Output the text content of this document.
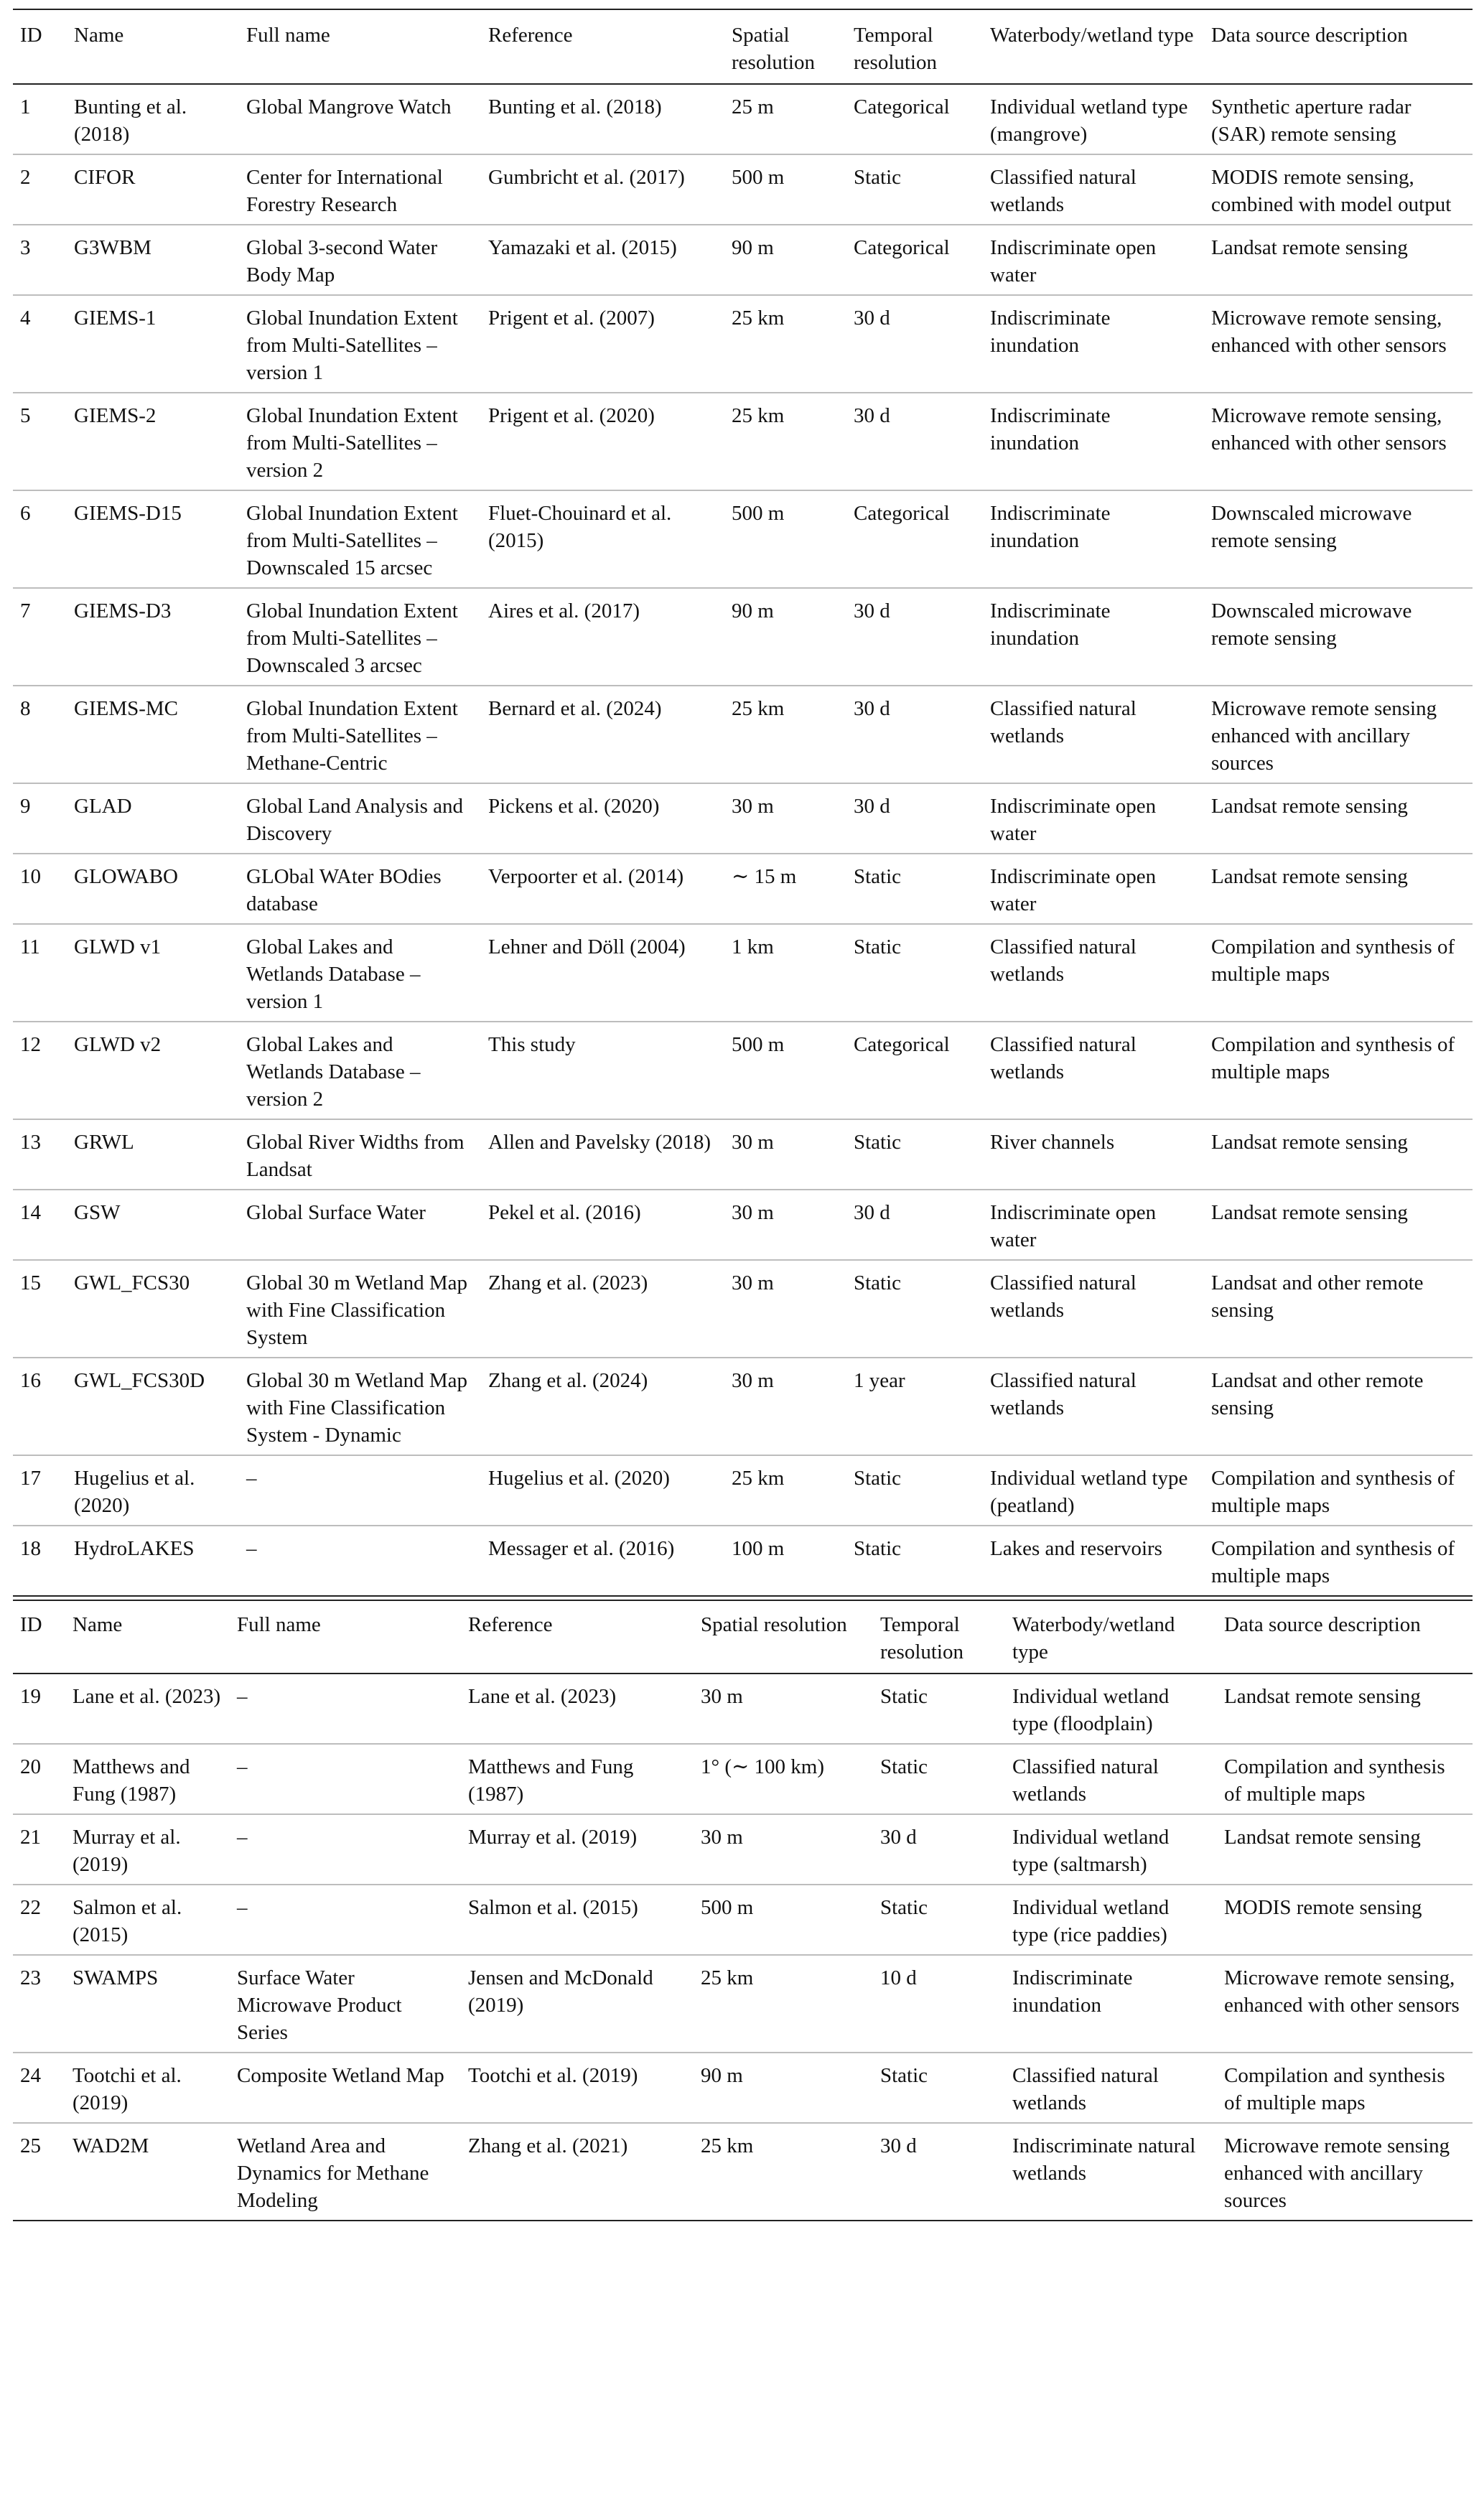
ID	Name	Full name	Reference	Spatial resolution	Temporal resolution	Waterbody/wetland type	Data source description
1	Bunting et al. (2018)	Global Mangrove Watch	Bunting et al. (2018)	25 m	Categorical	Individual wetland type (mangrove)	Synthetic aperture radar (SAR) remote sensing
2	CIFOR	Center for International Forestry Research	Gumbricht et al. (2017)	500 m	Static	Classified natural wetlands	MODIS remote sensing, combined with model output
3	G3WBM	Global 3-second Water Body Map	Yamazaki et al. (2015)	90 m	Categorical	Indiscriminate open water	Landsat remote sensing
4	GIEMS-1	Global Inundation Extent from Multi-Satellites – version 1	Prigent et al. (2007)	25 km	30 d	Indiscriminate inundation	Microwave remote sensing, enhanced with other sensors
5	GIEMS-2	Global Inundation Extent from Multi-Satellites – version 2	Prigent et al. (2020)	25 km	30 d	Indiscriminate inundation	Microwave remote sensing, enhanced with other sensors
6	GIEMS-D15	Global Inundation Extent from Multi-Satellites – Downscaled 15 arcsec	Fluet-Chouinard et al. (2015)	500 m	Categorical	Indiscriminate inundation	Downscaled microwave remote sensing
7	GIEMS-D3	Global Inundation Extent from Multi-Satellites – Downscaled 3 arcsec	Aires et al. (2017)	90 m	30 d	Indiscriminate inundation	Downscaled microwave remote sensing
8	GIEMS-MC	Global Inundation Extent from Multi-Satellites – Methane-Centric	Bernard et al. (2024)	25 km	30 d	Classified natural wetlands	Microwave remote sensing enhanced with ancillary sources
9	GLAD	Global Land Analysis and Discovery	Pickens et al. (2020)	30 m	30 d	Indiscriminate open water	Landsat remote sensing
10	GLOWABO	GLObal WAter BOdies database	Verpoorter et al. (2014)	∼ 15 m	Static	Indiscriminate open water	Landsat remote sensing
11	GLWD v1	Global Lakes and Wetlands Database – version 1	Lehner and Döll (2004)	1 km	Static	Classified natural wetlands	Compilation and synthesis of multiple maps
12	GLWD v2	Global Lakes and Wetlands Database – version 2	This study	500 m	Categorical	Classified natural wetlands	Compilation and synthesis of multiple maps
13	GRWL	Global River Widths from Landsat	Allen and Pavelsky (2018)	30 m	Static	River channels	Landsat remote sensing
14	GSW	Global Surface Water	Pekel et al. (2016)	30 m	30 d	Indiscriminate open water	Landsat remote sensing
15	GWL_FCS30	Global 30 m Wetland Map with Fine Classification System	Zhang et al. (2023)	30 m	Static	Classified natural wetlands	Landsat and other remote sensing
16	GWL_FCS30D	Global 30 m Wetland Map with Fine Classification System - Dynamic	Zhang et al. (2024)	30 m	1 year	Classified natural wetlands	Landsat and other remote sensing
17	Hugelius et al. (2020)	–	Hugelius et al. (2020)	25 km	Static	Individual wetland type (peatland)	Compilation and synthesis of multiple maps
18	HydroLAKES	–	Messager et al. (2016)	100 m	Static	Lakes and reservoirs	Compilation and synthesis of multiple maps
ID	Name	Full name	Reference	Spatial resolution	Temporal resolution	Waterbody/wetland type	Data source description
19	Lane et al. (2023)	–	Lane et al. (2023)	30 m	Static	Individual wetland type (floodplain)	Landsat remote sensing
20	Matthews and Fung (1987)	–	Matthews and Fung (1987)	1° (∼ 100 km)	Static	Classified natural wetlands	Compilation and synthesis of multiple maps
21	Murray et al. (2019)	–	Murray et al. (2019)	30 m	30 d	Individual wetland type (saltmarsh)	Landsat remote sensing
22	Salmon et al. (2015)	–	Salmon et al. (2015)	500 m	Static	Individual wetland type (rice paddies)	MODIS remote sensing
23	SWAMPS	Surface Water Microwave Product Series	Jensen and McDonald (2019)	25 km	10 d	Indiscriminate inundation	Microwave remote sensing, enhanced with other sensors
24	Tootchi et al. (2019)	Composite Wetland Map	Tootchi et al. (2019)	90 m	Static	Classified natural wetlands	Compilation and synthesis of multiple maps
25	WAD2M	Wetland Area and Dynamics for Methane Modeling	Zhang et al. (2021)	25 km	30 d	Indiscriminate natural wetlands	Microwave remote sensing enhanced with ancillary sources
